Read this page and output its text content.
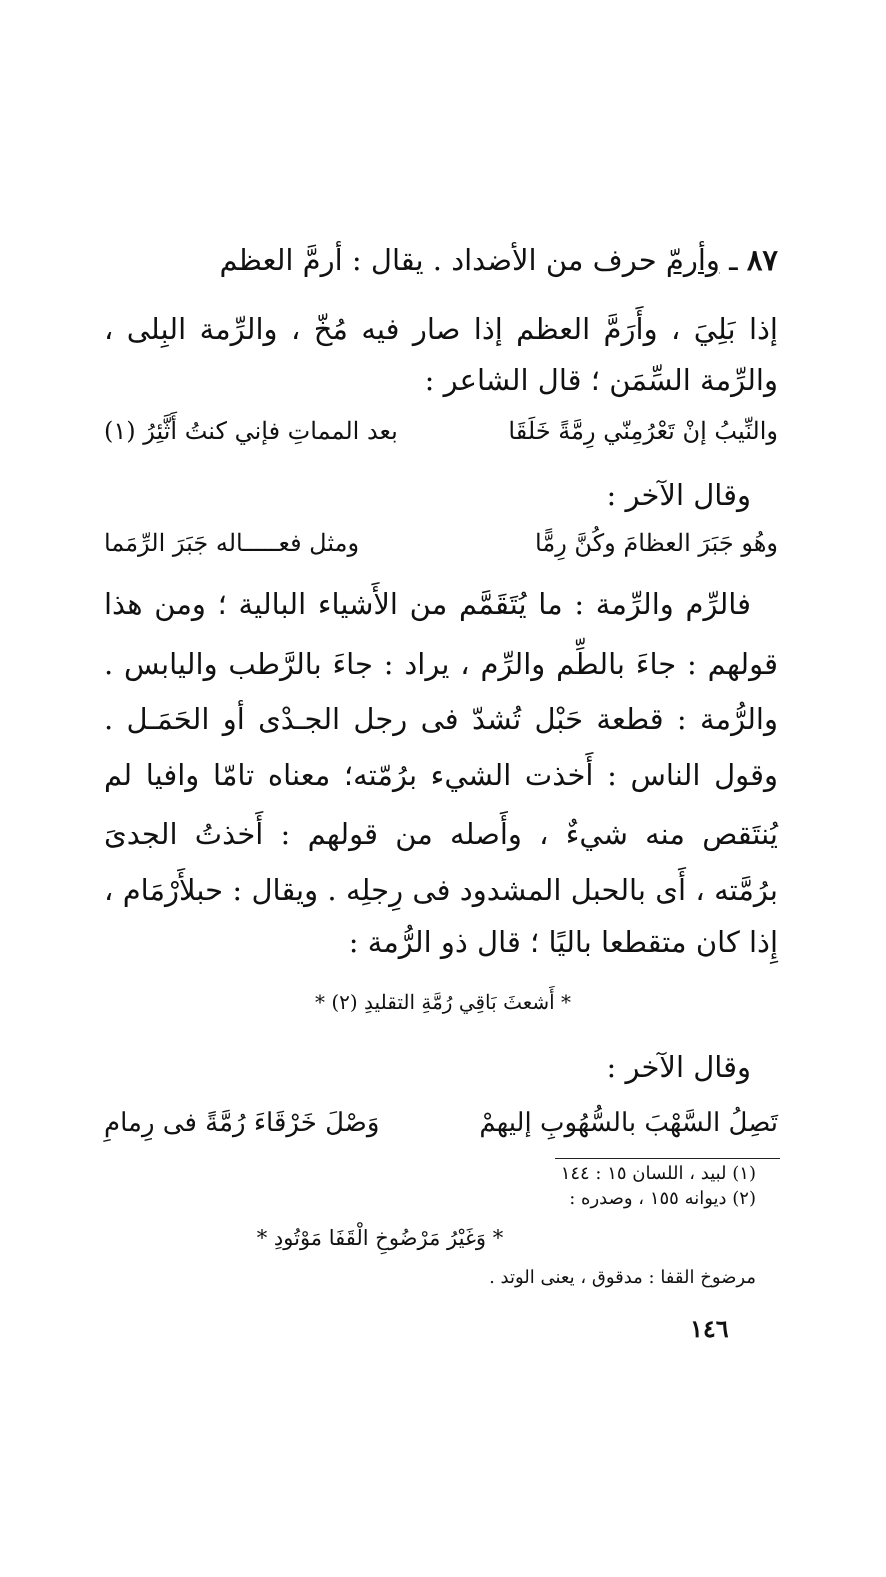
٨٧ ـ وأرمّ حرف من الأضداد . يقال : أرمَّ العظم
إذا بَلِيَ ، وأَرَمَّ العظم إذا صار فيه مُخّ ، والرِّمة البِلى ،
والرِّمة السِّمَن ؛ قال الشاعر :
والنِّيبُ إنْ تَعْرُمِنّي رِمَّةً خَلَقَا
بعد المماتِ فإني كنتُ أَثَّئِرُ (١)
وقال الآخر :
وهُو جَبَرَ العظامَ وكُنَّ رِمًّا
ومثل فعـــــاله جَبَرَ الرِّمَما
فالرِّم والرِّمة : ما يُتَقَمَّم من الأَشياء البالية ؛ ومن هذا
قولهم : جاءَ بالطِّم والرِّم ، يراد : جاءَ بالرَّطب واليابس .
والرُّمة : قطعة حَبْل تُشدّ فى رجل الجـدْى أو الحَمَـل .
وقول الناس : أَخذت الشيء برُمّته؛ معناه تامّا وافيا لم
يُنتَقص منه شيءٌ ، وأَصله من قولهم : أَخذتُ الجدىَ
برُمَّته ، أَى بالحبل المشدود فى رِجلِه . ويقال : حبلأَرْمَام ،
إِذا كان متقطعا باليًا ؛ قال ذو الرُّمة :
* أَشعثَ بَاقِي رُمَّةِ التقليدِ (٢) *
وقال الآخر :
تَصِلُ السَّهْبَ بالسُّهُوبِ إليهمْ
وَصْلَ خَرْقَاءَ رُمَّةً فى رِمامِ
(١) لبيد ، اللسان ١٥ : ١٤٤
(٢) ديوانه ١٥٥ ، وصدره :
* وَغَيْرُ مَرْضُوخِ الْقَفَا مَوْتُودِ *
مرضوخ القفا : مدقوق ، يعنى الوتد .
١٤٦
